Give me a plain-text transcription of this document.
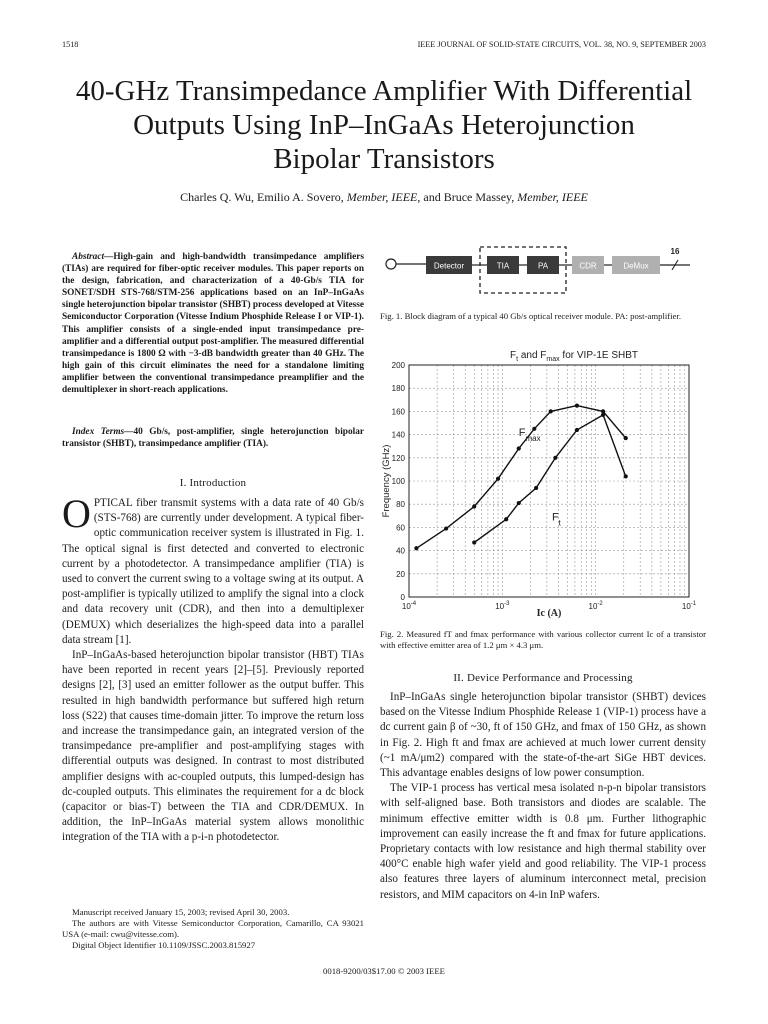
1518	IEEE JOURNAL OF SOLID-STATE CIRCUITS, VOL. 38, NO. 9, SEPTEMBER 2003
40-GHz Transimpedance Amplifier With Differential
Outputs Using InP–InGaAs Heterojunction
Bipolar Transistors
Charles Q. Wu, Emilio A. Sovero, Member, IEEE, and Bruce Massey, Member, IEEE
Abstract—High-gain and high-bandwidth transimpedance amplifiers (TIAs) are required for fiber-optic receiver modules. This paper reports on the design, fabrication, and characterization of a 40-Gb/s TIA for SONET/SDH STS-768/STM-256 applications based on an InP–InGaAs single heterojunction bipolar transistor (SHBT) process developed at Vitesse Semiconductor Corporation (Vitesse Indium Phosphide Release I or VIP-1). This amplifier consists of a single-ended input transimpedance pre-amplifier and a differential output post-amplifier. The measured differential transimpedance is 1800 Ω with −3-dB bandwidth greater than 40 GHz. The high gain of this circuit eliminates the need for a standalone limiting amplifier between the conventional transimpedance preamplifier and the demultiplexer in short-reach applications.
Index Terms—40 Gb/s, post-amplifier, single heterojunction bipolar transistor (SHBT), transimpedance amplifier (TIA).
I. Introduction

OPTICAL fiber transmit systems with a data rate of 40 Gb/s (STS-768) are currently under development. A typical fiber-optic communication receiver system is illustrated in Fig. 1. The optical signal is first detected and converted to electronic current by a photodetector. A transimpedance amplifier (TIA) is used to convert the current swing to a voltage swing at its output. A post-amplifier is typically utilized to amplify the signal into a clock and data recovery unit (CDR), and then into a demultiplexer (DEMUX) which deserializes the high-speed data into a parallel data stream [1].

InP–InGaAs-based heterojunction bipolar transistor (HBT) TIAs have been reported in recent years [2]–[5]. Previously reported designs [2], [3] used an emitter follower as the output buffer. This resulted in high bandwidth performance but suffered high return loss (S22) that causes time-domain jitter. To improve the return loss and increase the transimpedance gain, an integrated version of the transimpedance pre-amplifier and post-amplifying stages with differential outputs was designed. In contrast to most distributed amplifier designs with ac-coupled outputs, this lumped-design has dc-coupled outputs. This eliminates the requirement for a dc block (capacitor or bias-T) between the TIA and CDR/DEMUX. In addition, the InP–InGaAs material system allows monolithic integration of the TIA with a p-i-n photodetector.

Manuscript received January 15, 2003; revised April 30, 2003.

The authors are with Vitesse Semiconductor Corporation, Camarillo, CA 93021 USA (e-mail: cwu@vitesse.com).

Digital Object Identifier 10.1109/JSSC.2003.815927

Detector	TIA	PA	CDR	DeMux
16
Fig. 1. Block diagram of a typical 40 Gb/s optical receiver module. PA: post-amplifier.
$F_t$ and $F_{max}$ for VIP-1E SHBT
0
20
40
60
80
100
120
140
160
180
200
$10^{-4}$	$10^{-3}$	$10^{-2}$	$10^{-1}$
Frequency (GHz)
Ic (A)
$F_{max}$
$F_t$
Fig. 2. Measured fT and fmax performance with various collector current Ic of a transistor with effective emitter area of 1.2 μm × 4.3 μm.
II. Device Performance and Processing

InP–InGaAs single heterojunction bipolar transistor (SHBT) devices based on the Vitesse Indium Phosphide Release 1 (VIP-1) process have a dc current gain β of ~30, ft of 150 GHz, and fmax of 150 GHz, as shown in Fig. 2. High ft and fmax are achieved at much lower current density (~1 mA/μm2) compared with the state-of-the-art SiGe HBT devices. This advantage enables designs of low power consumption.

The VIP-1 process has vertical mesa isolated n-p-n bipolar transistors with self-aligned base. Both transistors and diodes are scalable. The minimum effective emitter width is 0.8 μm. Further lithographic improvement can easily increase the ft and fmax for future applications. Proprietary contacts with low resistance and high thermal stability over 400°C enable high wafer yield and good reliability. The VIP-1 process also features three layers of aluminum interconnect metal, precision resistors, and MIM capacitors on 4-in InP wafers.

0018-9200/03$17.00 © 2003 IEEE
